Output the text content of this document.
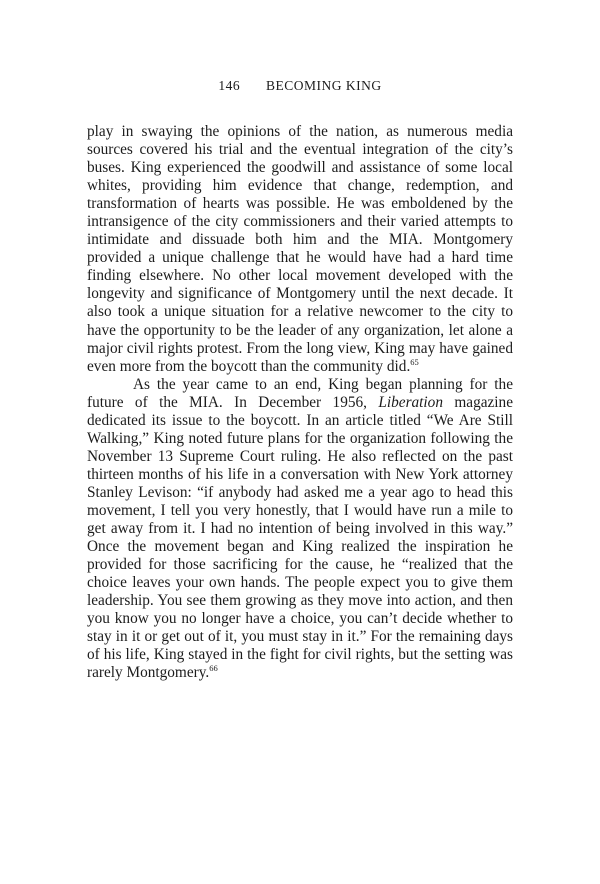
146 BECOMING KING

play in swaying the opinions of the nation, as numerous media sources covered his trial and the eventual integration of the city’s buses. King experienced the goodwill and assistance of some local whites, providing him evidence that change, redemption, and transformation of hearts was possible. He was emboldened by the intransigence of the city commissioners and their varied attempts to intimidate and dissuade both him and the MIA. Montgomery provided a unique challenge that he would have had a hard time finding elsewhere. No other local movement developed with the longevity and significance of Montgomery until the next decade. It also took a unique situation for a relative newcomer to the city to have the opportunity to be the leader of any organization, let alone a major civil rights protest. From the long view, King may have gained even more from the boycott than the community did.$^{65}$

As the year came to an end, King began planning for the future of the MIA. In December 1956, Liberation magazine dedicated its issue to the boycott. In an article titled “We Are Still Walking,” King noted future plans for the organization following the November 13 Supreme Court ruling. He also reflected on the past thirteen months of his life in a conversation with New York attorney Stanley Levison: “if anybody had asked me a year ago to head this movement, I tell you very honestly, that I would have run a mile to get away from it. I had no intention of being involved in this way.” Once the movement began and King realized the inspiration he provided for those sacrificing for the cause, he “realized that the choice leaves your own hands. The people expect you to give them leadership. You see them growing as they move into action, and then you know you no longer have a choice, you can’t decide whether to stay in it or get out of it, you must stay in it.” For the remaining days of his life, King stayed in the fight for civil rights, but the setting was rarely Montgomery.$^{66}$
